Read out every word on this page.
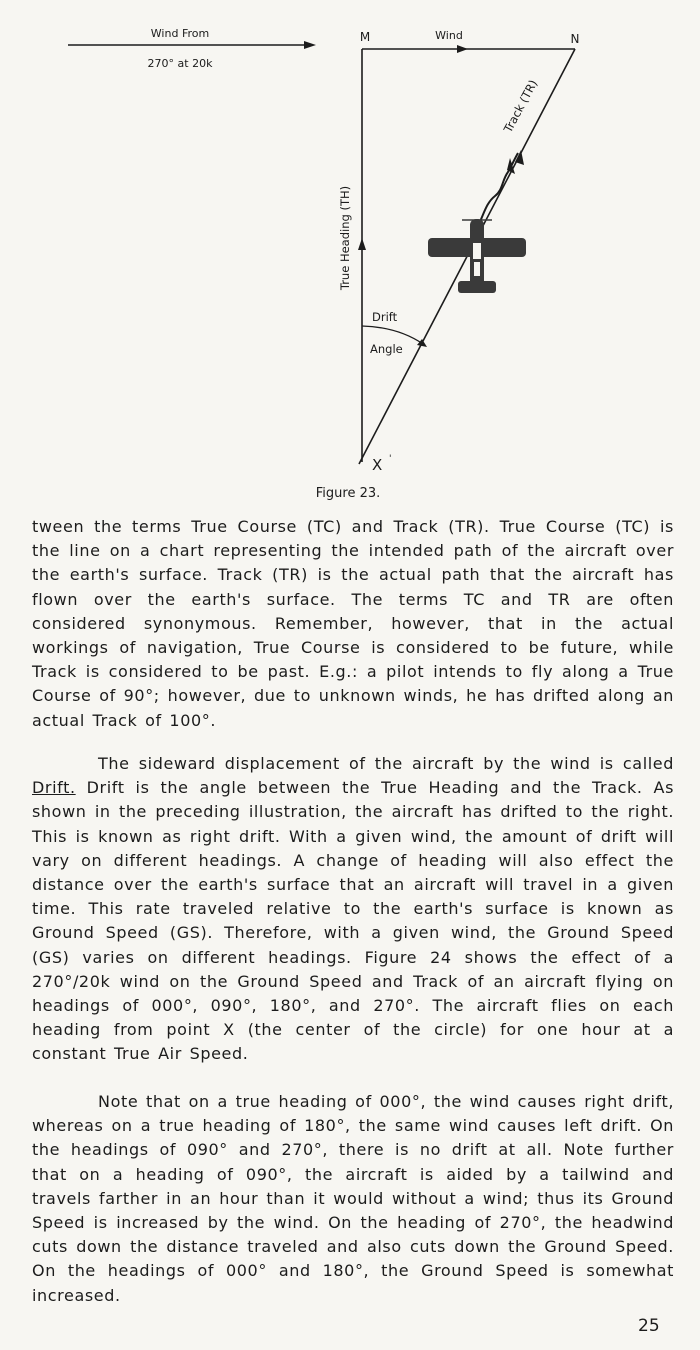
Wind From
270° at 20k
M	Wind	N
True Heading (TH)
Track (TR)
Drift
Angle
X '
Figure 23.

tween the terms True Course (TC) and Track (TR). True Course (TC) is the line on a chart representing the intended path of the aircraft over the earth's surface. Track (TR) is the actual path that the aircraft has flown over the earth's surface. The terms TC and TR are often considered synonymous. Remember, however, that in the actual workings of navigation, True Course is considered to be future, while Track is considered to be past. E.g.: a pilot intends to fly along a True Course of 90°; however, due to unknown winds, he has drifted along an actual Track of 100°.

The sideward displacement of the aircraft by the wind is called Drift. Drift is the angle between the True Heading and the Track. As shown in the preceding illustration, the aircraft has drifted to the right. This is known as right drift. With a given wind, the amount of drift will vary on different headings. A change of heading will also effect the distance over the earth's surface that an aircraft will travel in a given time. This rate traveled relative to the earth's surface is known as Ground Speed (GS). Therefore, with a given wind, the Ground Speed (GS) varies on different headings. Figure 24 shows the effect of a 270°/20k wind on the Ground Speed and Track of an aircraft flying on headings of 000°, 090°, 180°, and 270°. The aircraft flies on each heading from point X (the center of the circle) for one hour at a constant True Air Speed.

Note that on a true heading of 000°, the wind causes right drift, whereas on a true heading of 180°, the same wind causes left drift. On the headings of 090° and 270°, there is no drift at all. Note further that on a heading of 090°, the aircraft is aided by a tailwind and travels farther in an hour than it would without a wind; thus its Ground Speed is increased by the wind. On the heading of 270°, the headwind cuts down the distance traveled and also cuts down the Ground Speed. On the headings of 000° and 180°, the Ground Speed is somewhat increased.

25
